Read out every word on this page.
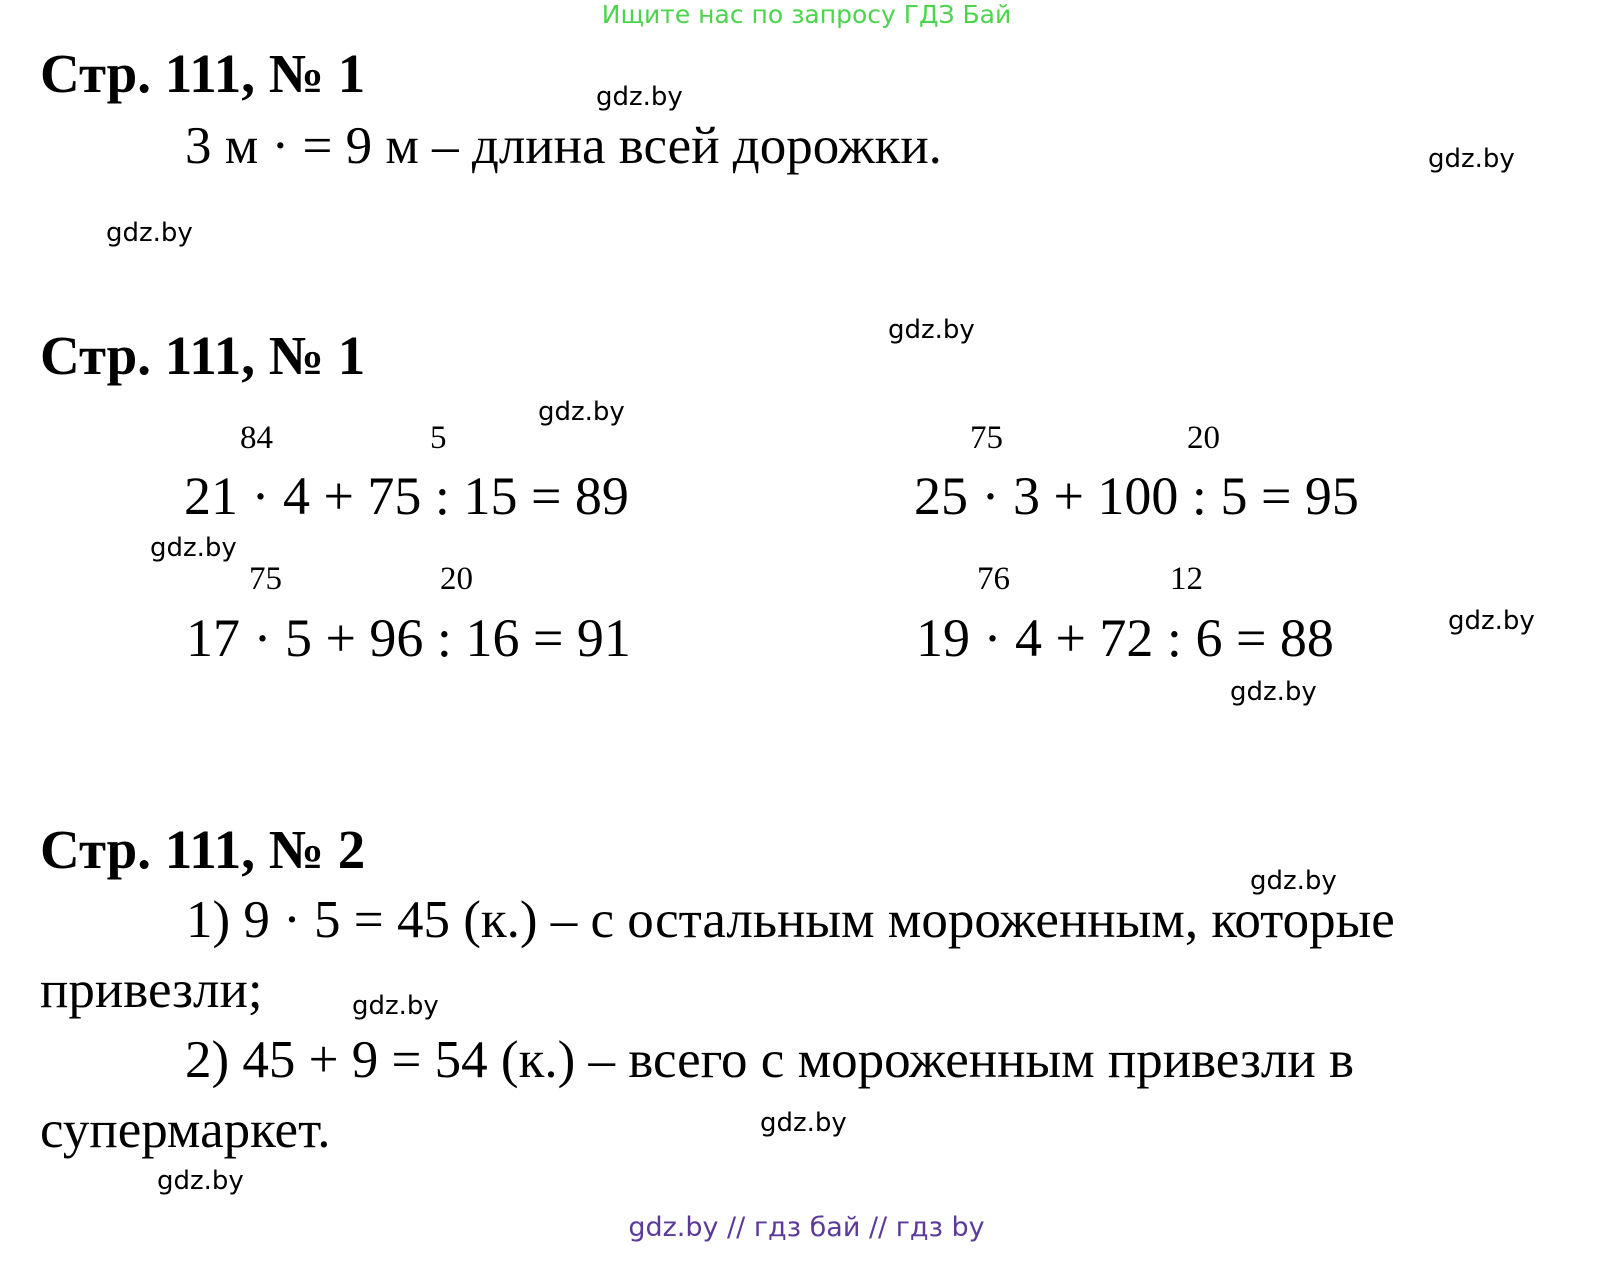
Ищите нас по запросу ГДЗ Бай
Стр. 111, № 1
3 м · = 9 м – длина всей дорожки.
Стр. 111, № 1
84	5
21 · 4 + 75 : 15 = 89
75	20
25 · 3 + 100 : 5 = 95
75	20
17 · 5 + 96 : 16 = 91
76	12
19 · 4 + 72 : 6 = 88
Стр. 111, № 2
1) 9 · 5 = 45 (к.) – с остальным мороженным, которые
привезли;
2) 45 + 9 = 54 (к.) – всего с мороженным привезли в
супермаркет.
gdz.by
gdz.by
gdz.by
gdz.by
gdz.by
gdz.by
gdz.by
gdz.by
gdz.by
gdz.by
gdz.by
gdz.by
gdz.by // гдз бай // гдз by
